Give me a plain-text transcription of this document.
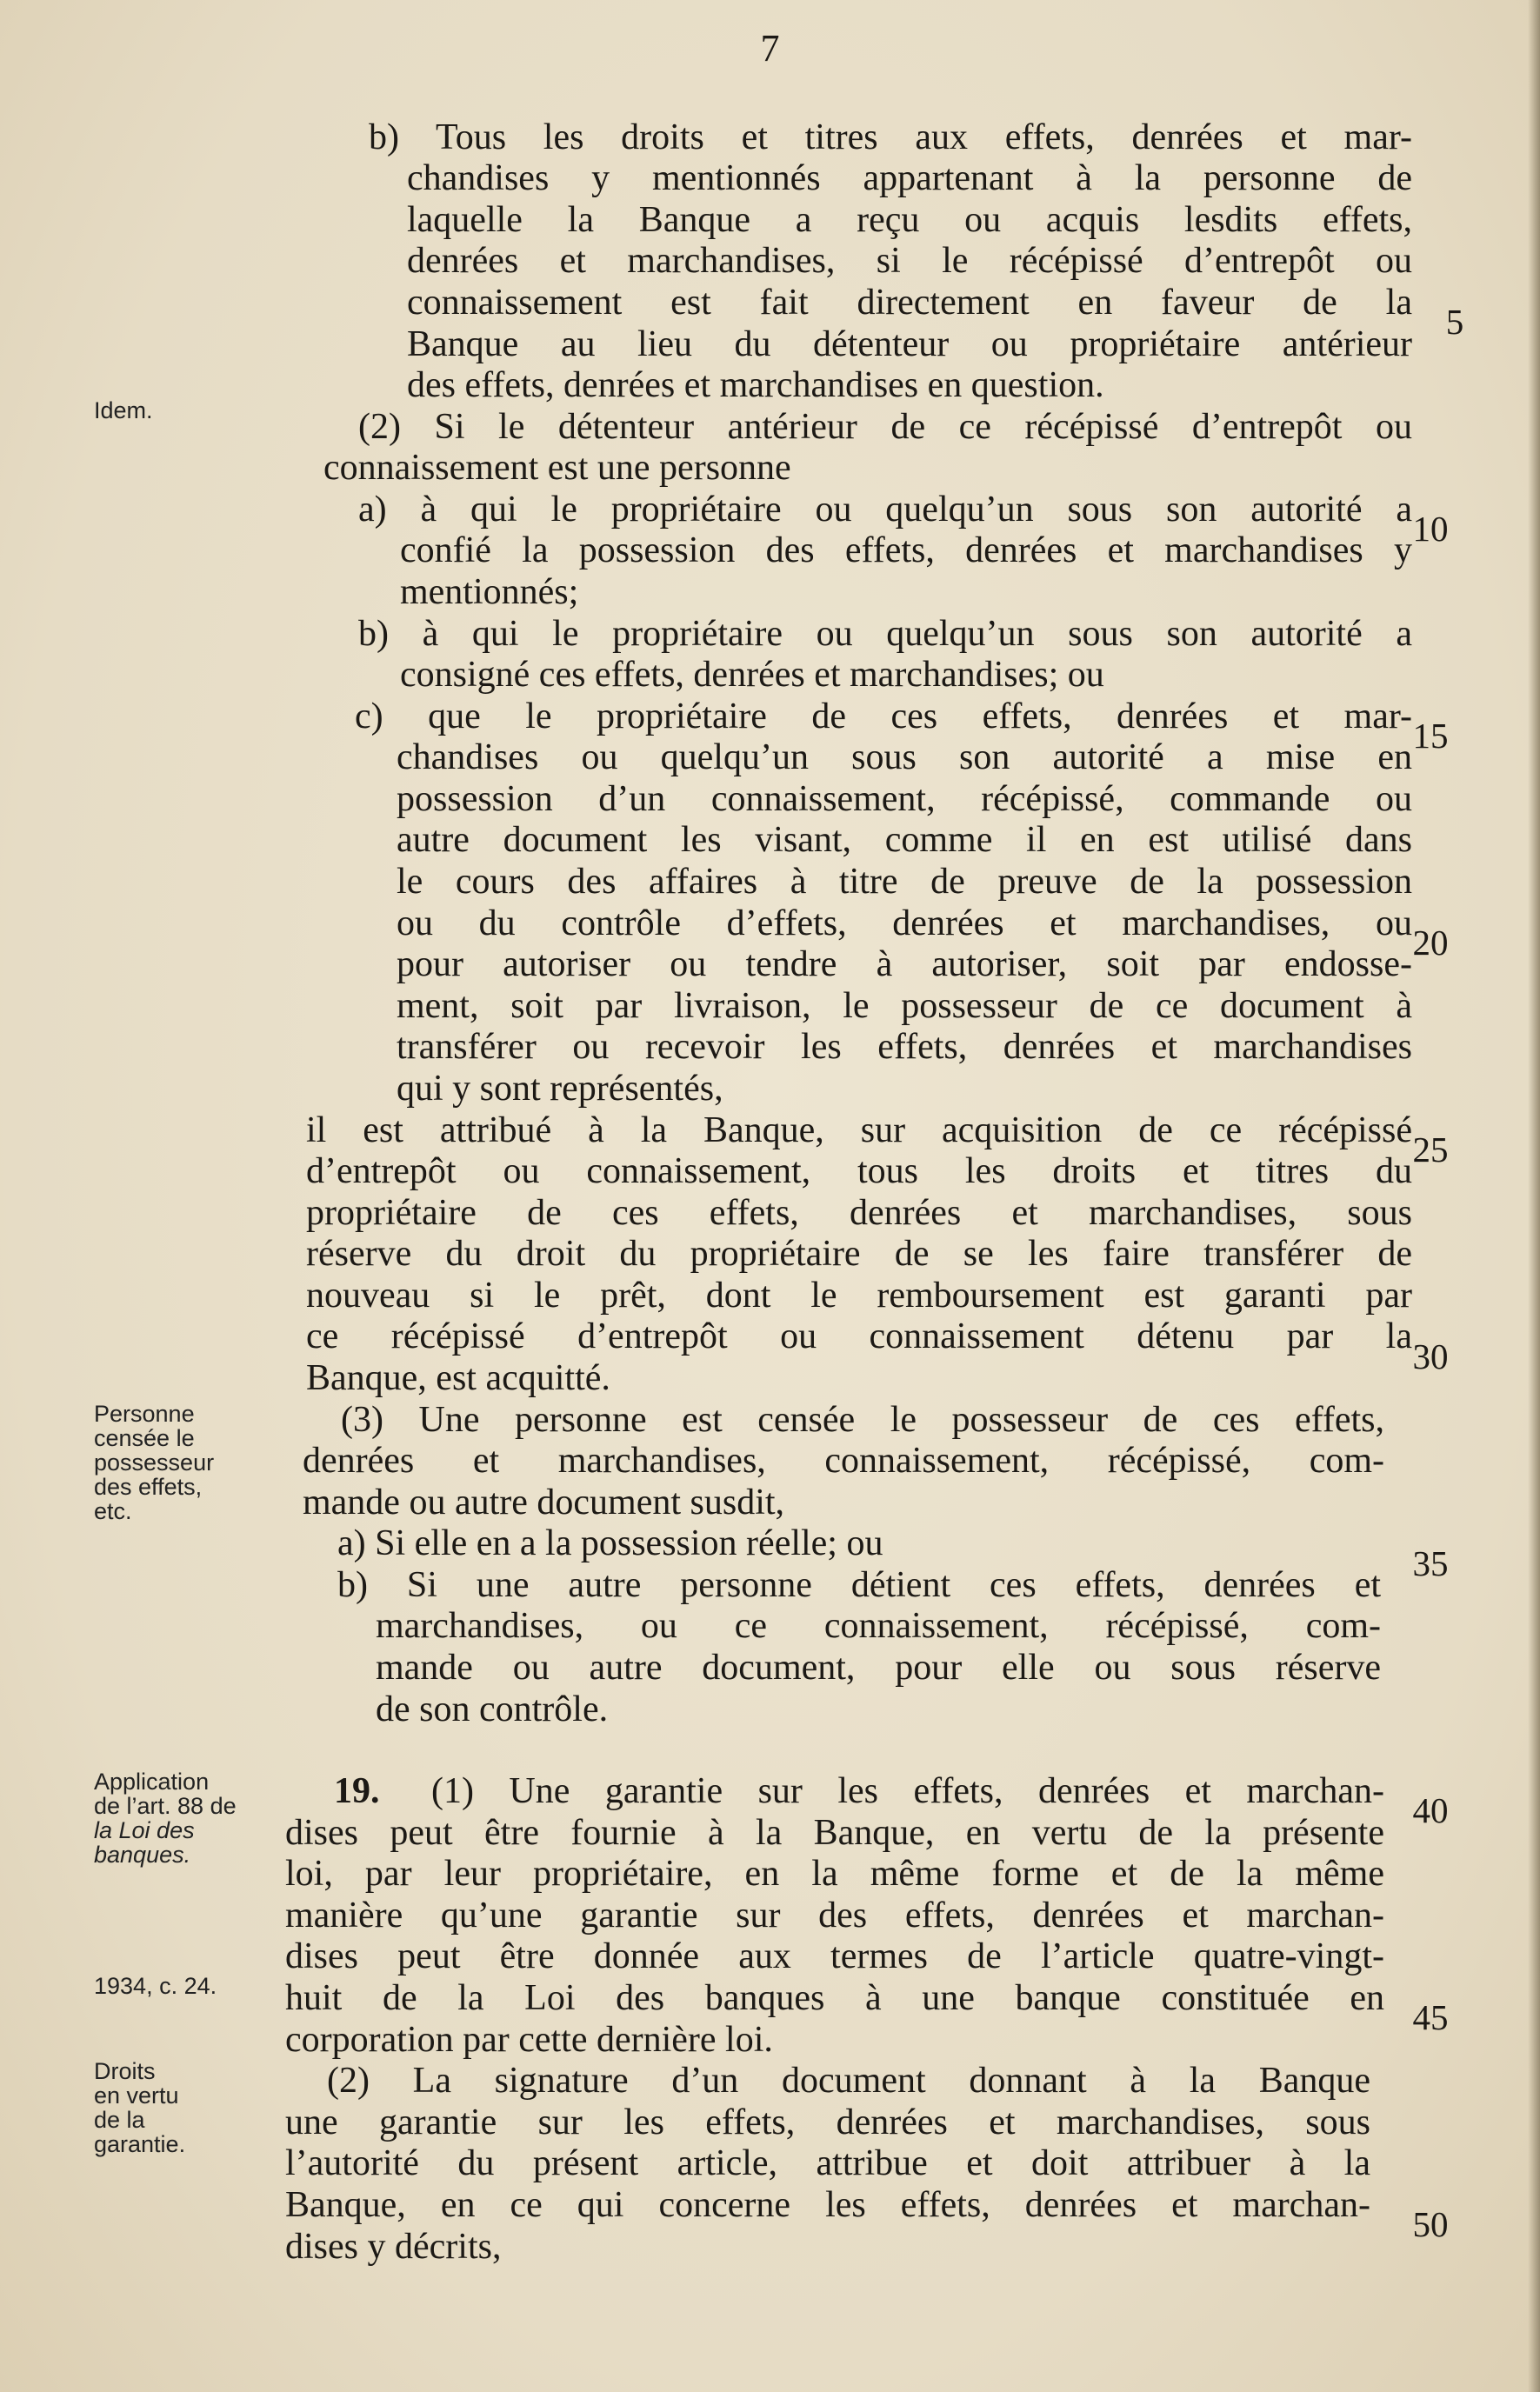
7
Idem.
Personne
censée le
possesseur
des effets,
etc.
Application
de l’art. 88 de
la Loi des
banques.
1934, c. 24.
Droits
en vertu
de la
garantie.
b) Tous les droits et titres aux effets, denrées et mar-
chandises y mentionnés appartenant à la personne de
laquelle la Banque a reçu ou acquis lesdits effets,
denrées et marchandises, si le récépissé d’entrepôt ou
connaissement est fait directement en faveur de la
Banque au lieu du détenteur ou propriétaire antérieur
des effets, denrées et marchandises en question.
(2) Si le détenteur antérieur de ce récépissé d’entrepôt ou
connaissement est une personne
a) à qui le propriétaire ou quelqu’un sous son autorité a
confié la possession des effets, denrées et marchandises y
mentionnés;
b) à qui le propriétaire ou quelqu’un sous son autorité a
consigné ces effets, denrées et marchandises; ou
c) que le propriétaire de ces effets, denrées et mar-
chandises ou quelqu’un sous son autorité a mise en
possession d’un connaissement, récépissé, commande ou
autre document les visant, comme il en est utilisé dans
le cours des affaires à titre de preuve de la possession
ou du contrôle d’effets, denrées et marchandises, ou
pour autoriser ou tendre à autoriser, soit par endosse-
ment, soit par livraison, le possesseur de ce document à
transférer ou recevoir les effets, denrées et marchandises
qui y sont représentés,
il est attribué à la Banque, sur acquisition de ce récépissé
d’entrepôt ou connaissement, tous les droits et titres du
propriétaire de ces effets, denrées et marchandises, sous
réserve du droit du propriétaire de se les faire transférer de
nouveau si le prêt, dont le remboursement est garanti par
ce récépissé d’entrepôt ou connaissement détenu par la
Banque, est acquitté.
(3) Une personne est censée le possesseur de ces effets,
denrées et marchandises, connaissement, récépissé, com-
mande ou autre document susdit,
a) Si elle en a la possession réelle; ou
b) Si une autre personne détient ces effets, denrées et
marchandises, ou ce connaissement, récépissé, com-
mande ou autre document, pour elle ou sous réserve
de son contrôle.
19. (1) Une garantie sur les effets, denrées et marchan-
dises peut être fournie à la Banque, en vertu de la présente
loi, par leur propriétaire, en la même forme et de la même
manière qu’une garantie sur des effets, denrées et marchan-
dises peut être donnée aux termes de l’article quatre-vingt-
huit de la Loi des banques à une banque constituée en
corporation par cette dernière loi.
(2) La signature d’un document donnant à la Banque
une garantie sur les effets, denrées et marchandises, sous
l’autorité du présent article, attribue et doit attribuer à la
Banque, en ce qui concerne les effets, denrées et marchan-
dises y décrits,
5
10
15
20
25
30
35
40
45
50
